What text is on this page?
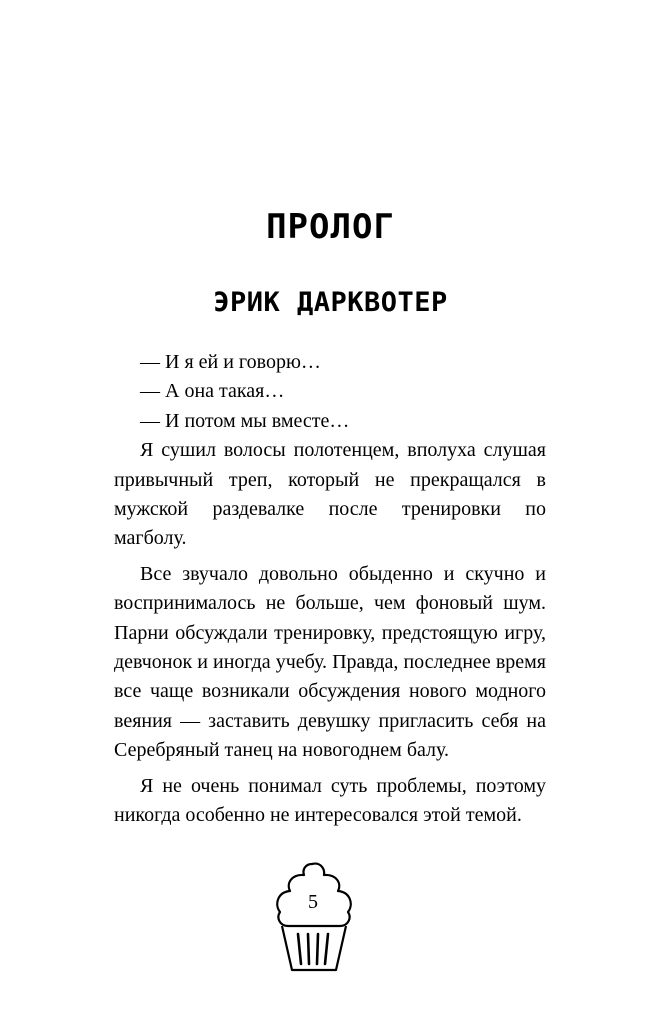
ПРОЛОГ
ЭРИК ДАРКВОТЕР

— И я ей и говорю…

— А она такая…

— И потом мы вместе…

Я сушил волосы полотенцем, вполуха слушая привычный треп, который не прекращался в мужской раздевалке после тренировки по магболу.

Все звучало довольно обыденно и скучно и воспринималось не больше, чем фоновый шум. Парни обсуждали тренировку, предстоящую игру, девчонок и иногда учебу. Правда, последнее время все чаще возникали обсуждения нового модного веяния — заставить девушку пригласить себя на Серебряный танец на новогоднем балу.

Я не очень понимал суть проблемы, поэтому никогда особенно не интересовался этой темой.

5
